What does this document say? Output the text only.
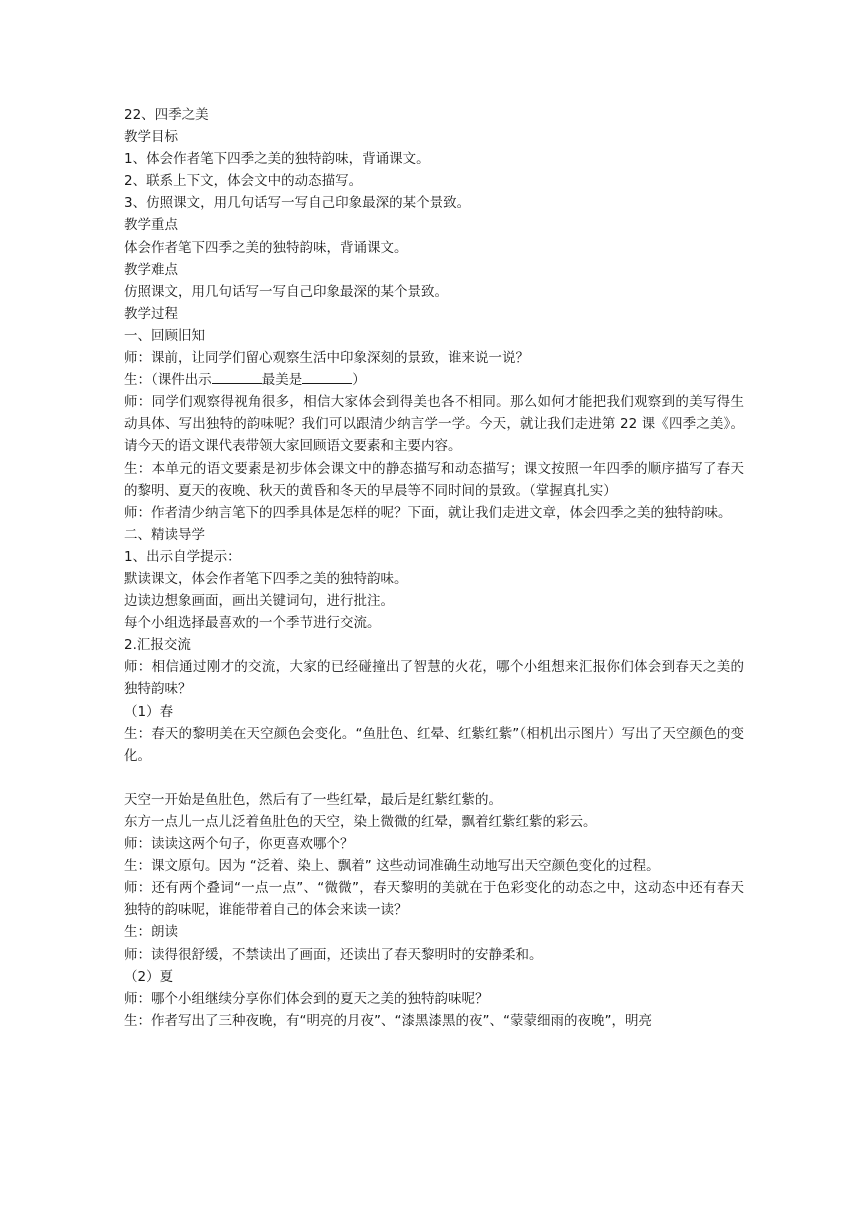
22、四季之美
教学目标
1、体会作者笔下四季之美的独特韵味，背诵课文。
2、联系上下文，体会文中的动态描写。
3、仿照课文，用几句话写一写自己印象最深的某个景致。
教学重点
体会作者笔下四季之美的独特韵味，背诵课文。
教学难点
仿照课文，用几句话写一写自己印象最深的某个景致。
教学过程
一、回顾旧知
师：课前，让同学们留心观察生活中印象深刻的景致，谁来说一说？
生：（课件出示	最美是	）
师：同学们观察得视角很多，相信大家体会到得美也各不相同。那么如何才能把我们观察到的美写得生动具体、写出独特的韵味呢？我们可以跟清少纳言学一学。今天，就让我们走进第 22 课《四季之美》。请今天的语文课代表带领大家回顾语文要素和主要内容。
生：本单元的语文要素是初步体会课文中的静态描写和动态描写；课文按照一年四季的顺序描写了春天的黎明、夏天的夜晚、秋天的黄昏和冬天的早晨等不同时间的景致。（掌握真扎实）
师：作者清少纳言笔下的四季具体是怎样的呢？下面，就让我们走进文章，体会四季之美的独特韵味。
二、精读导学
1、出示自学提示：
默读课文，体会作者笔下四季之美的独特韵味。
边读边想象画面，画出关键词句，进行批注。
每个小组选择最喜欢的一个季节进行交流。
2.汇报交流
师：相信通过刚才的交流，大家的已经碰撞出了智慧的火花，哪个小组想来汇报你们体会到春天之美的独特韵味？
（1）春
生：春天的黎明美在天空颜色会变化。“鱼肚色、红晕、红紫红紫”（相机出示图片）写出了天空颜色的变化。
天空一开始是鱼肚色，然后有了一些红晕，最后是红紫红紫的。
东方一点儿一点儿泛着鱼肚色的天空，染上微微的红晕，飘着红紫红紫的彩云。
师：读读这两个句子，你更喜欢哪个？
生：课文原句。因为 “泛着、染上、飘着” 这些动词准确生动地写出天空颜色变化的过程。
师：还有两个叠词“一点一点”、“微微”，春天黎明的美就在于色彩变化的动态之中，这动态中还有春天独特的韵味呢，谁能带着自己的体会来读一读？
生：朗读
师：读得很舒缓，不禁读出了画面，还读出了春天黎明时的安静柔和。
（2）夏
师：哪个小组继续分享你们体会到的夏天之美的独特韵味呢？
生：作者写出了三种夜晚，有“明亮的月夜”、“漆黑漆黑的夜”、“蒙蒙细雨的夜晚”，明亮
